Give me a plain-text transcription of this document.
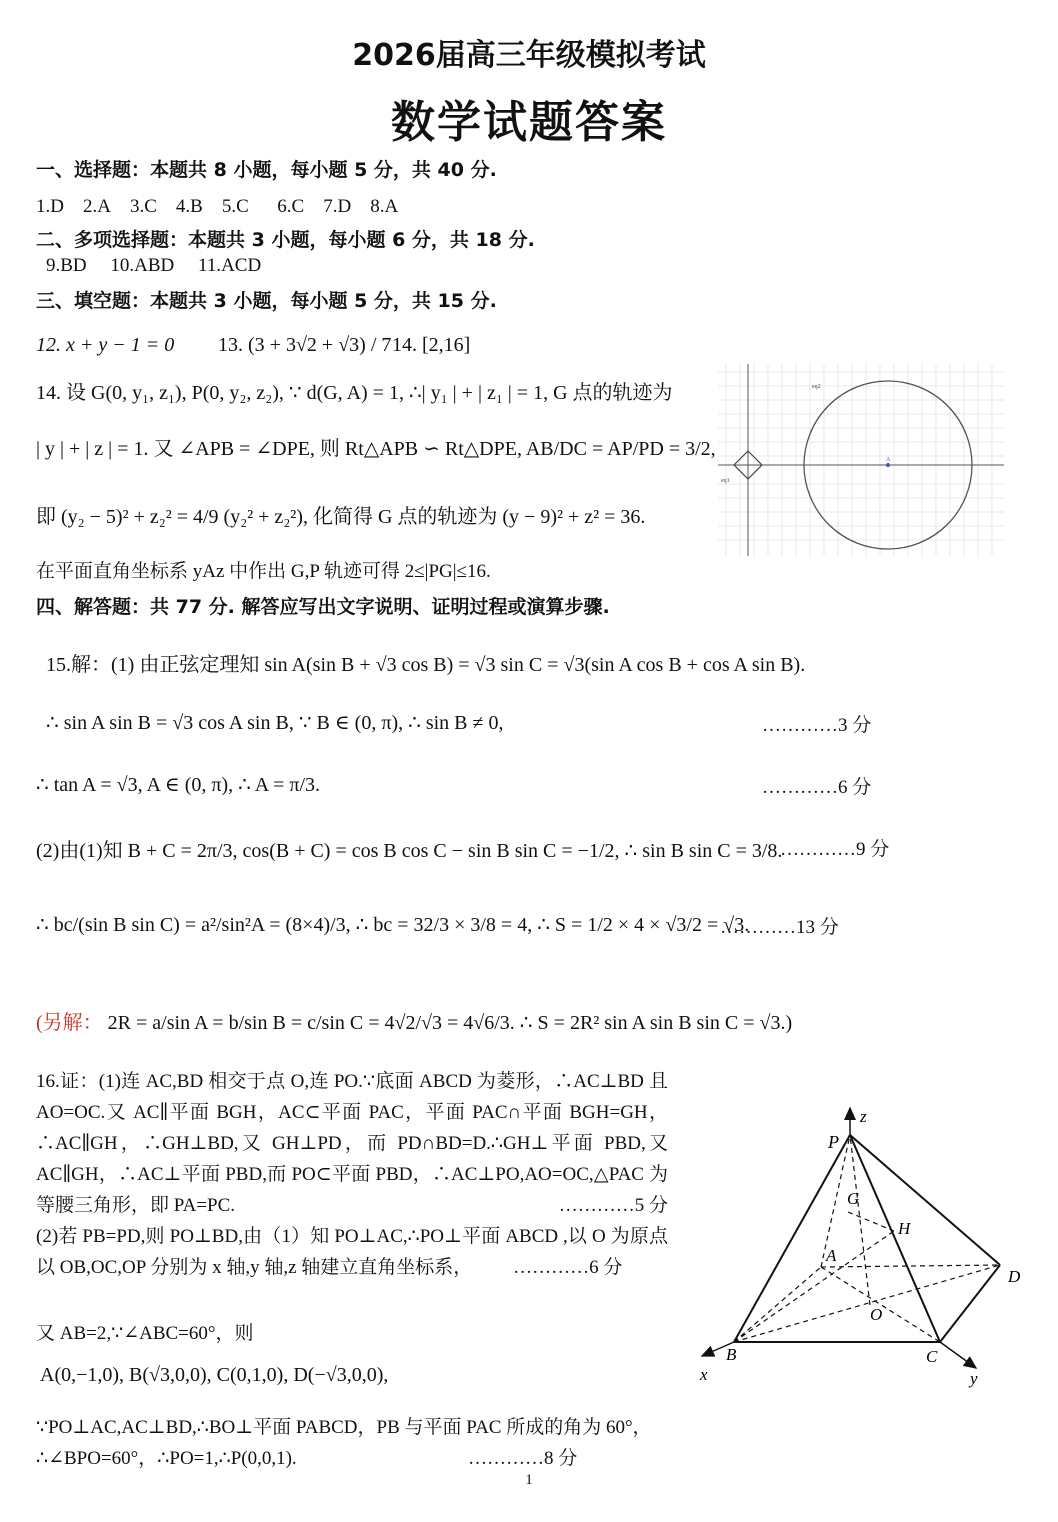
2026届高三年级模拟考试
数学试题答案
一、选择题：本题共 8 小题，每小题 5 分，共 40 分.
1.D 2.A 3.C 4.B 5.C 6.C 7.D 8.A
二、多项选择题：本题共 3 小题，每小题 6 分，共 18 分.
9.BD 10.ABD 11.ACD
三、填空题：本题共 3 小题，每小题 5 分，共 15 分.
12. x + y − 1 = 0 13. (3 + 3√2 + √3) / 7 14. [2,16]
14. 设 G(0, y₁, z₁), P(0, y₂, z₂), ∵ d(G, A) = 1, ∴| y₁ | + | z₁ | = 1, G 点的轨迹为
| y | + | z | = 1. 又 ∠APB = ∠DPE, 则 Rt△APB ∽ Rt△DPE, AB/DC = AP/PD = 3/2,
即 (y₂ − 5)² + z₂² = 4/9 (y₂² + z₂²), 化简得 G 点的轨迹为 (y − 9)² + z² = 36.
在平面直角坐标系 yAz 中作出 G,P 轨迹可得 2≤|PG|≤16.
eq1
eq2
A
四、解答题：共 77 分. 解答应写出文字说明、证明过程或演算步骤.
15.解：(1) 由正弦定理知 sin A(sin B + √3 cos B) = √3 sin C = √3(sin A cos B + cos A sin B).
∴ sin A sin B = √3 cos A sin B, ∵ B ∈ (0, π), ∴ sin B ≠ 0,	…………3 分
∴ tan A = √3, A ∈ (0, π), ∴ A = π/3.	…………6 分
(2)由(1)知 B + C = 2π/3, cos(B + C) = cos B cos C − sin B sin C = −1/2, ∴ sin B sin C = 3/8.
…………9 分
∴ bc/(sin B sin C) = a²/sin²A = (8×4)/3, ∴ bc = 32/3 × 3/8 = 4, ∴ S = 1/2 × 4 × √3/2 = √3.
…………13 分
(另解： 2R = a/sin A = b/sin B = c/sin C = 4√2/√3 = 4√6/3. ∴ S = 2R² sin A sin B sin C = √3.)
16.证：(1)连 AC,BD 相交于点 O,连 PO.∵底面 ABCD 为菱形，∴AC⊥BD 且 AO=OC.又 AC∥平面 BGH，AC⊂平面 PAC，平面 PAC∩平面 BGH=GH，∴AC∥GH，∴GH⊥BD,又 GH⊥PD，而 PD∩BD=D.∴GH⊥平面 PBD,又 AC∥GH，∴AC⊥平面 PBD,而 PO⊂平面 PBD，∴AC⊥PO,AO=OC,△PAC 为等腰三角形，即 PA=PC.	…………5 分
(2)若 PB=PD,则 PO⊥BD,由（1）知 PO⊥AC,∴PO⊥平面 ABCD ,以 O 为原点 以 OB,OC,OP 分别为 x 轴,y 轴,z 轴建立直角坐标系， …………6 分
又 AB=2,∵∠ABC=60°，则
A(0,−1,0), B(√3,0,0), C(0,1,0), D(−√3,0,0),
∵PO⊥AC,AC⊥BD,∴BO⊥平面 PABCD，PB 与平面 PAC 所成的角为 60°，
∴∠BPO=60°，∴PO=1,∴P(0,0,1).	…………8 分
P
G
H
A
D
O
B	C
x	y
z
1
